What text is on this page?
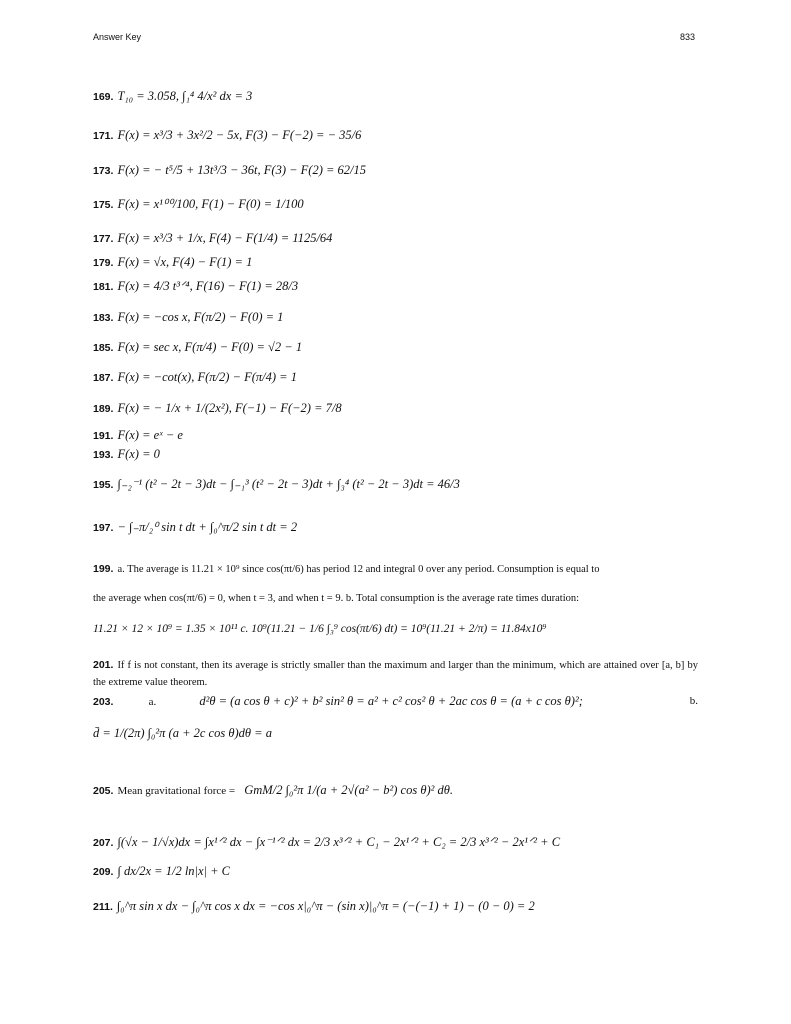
Answer Key	833
169. T₁₀ = 3.058, ∫₁⁴ 4/x² dx = 3
171. F(x) = x³/3 + 3x²/2 − 5x, F(3) − F(−2) = − 35/6
173. F(x) = − t⁵/5 + 13t³/3 − 36t, F(3) − F(2) = 62/15
175. F(x) = x¹⁰⁰/100, F(1) − F(0) = 1/100
177. F(x) = x³/3 + 1/x, F(4) − F(1/4) = 1125/64
179. F(x) = √x, F(4) − F(1) = 1
181. F(x) = 4/3 t³ᐟ⁴, F(16) − F(1) = 28/3
183. F(x) = −cos x, F(π/2) − F(0) = 1
185. F(x) = sec x, F(π/4) − F(0) = √2 − 1
187. F(x) = −cot(x), F(π/2) − F(π/4) = 1
189. F(x) = − 1/x + 1/(2x²), F(−1) − F(−2) = 7/8
191. F(x) = eˣ − e
193. F(x) = 0
195. ∫₋₂⁻¹ (t² − 2t − 3)dt − ∫₋₁³ (t² − 2t − 3)dt + ∫₃⁴ (t² − 2t − 3)dt = 46/3
197. − ∫₋π/₂⁰ sin t dt + ∫₀^π/2 sin t dt = 2
199. a. The average is 11.21 × 10⁹ since cos(πt/6) has period 12 and integral 0 over any period. Consumption is equal to
the average when cos(πt/6) = 0, when t = 3, and when t = 9. b. Total consumption is the average rate times duration:
11.21 × 12 × 10⁹ = 1.35 × 10¹¹ c. 10⁹(11.21 − 1/6 ∫₃⁹ cos(πt/6) dt) = 10⁹(11.21 + 2/π) = 11.84x10⁹
201. If f is not constant, then its average is strictly smaller than the maximum and larger than the minimum, which are attained over [a, b] by the extreme value theorem.
203.	a.	d²θ = (a cos θ + c)² + b² sin² θ = a² + c² cos² θ + 2ac cos θ = (a + c cos θ)²;	b.
d̄ = 1/(2π) ∫₀²π (a + 2c cos θ)dθ = a
205. Mean gravitational force = GmM/2 ∫₀²π 1/(a + 2√(a² − b²) cos θ)² dθ.
207. ∫(√x − 1/√x)dx = ∫x¹ᐟ² dx − ∫x⁻¹ᐟ² dx = 2/3 x³ᐟ² + C₁ − 2x¹ᐟ² + C₂ = 2/3 x³ᐟ² − 2x¹ᐟ² + C
209. ∫ dx/2x = 1/2 ln|x| + C
211. ∫₀^π sin x dx − ∫₀^π cos x dx = −cos x|₀^π − (sin x)|₀^π = (−(−1) + 1) − (0 − 0) = 2
